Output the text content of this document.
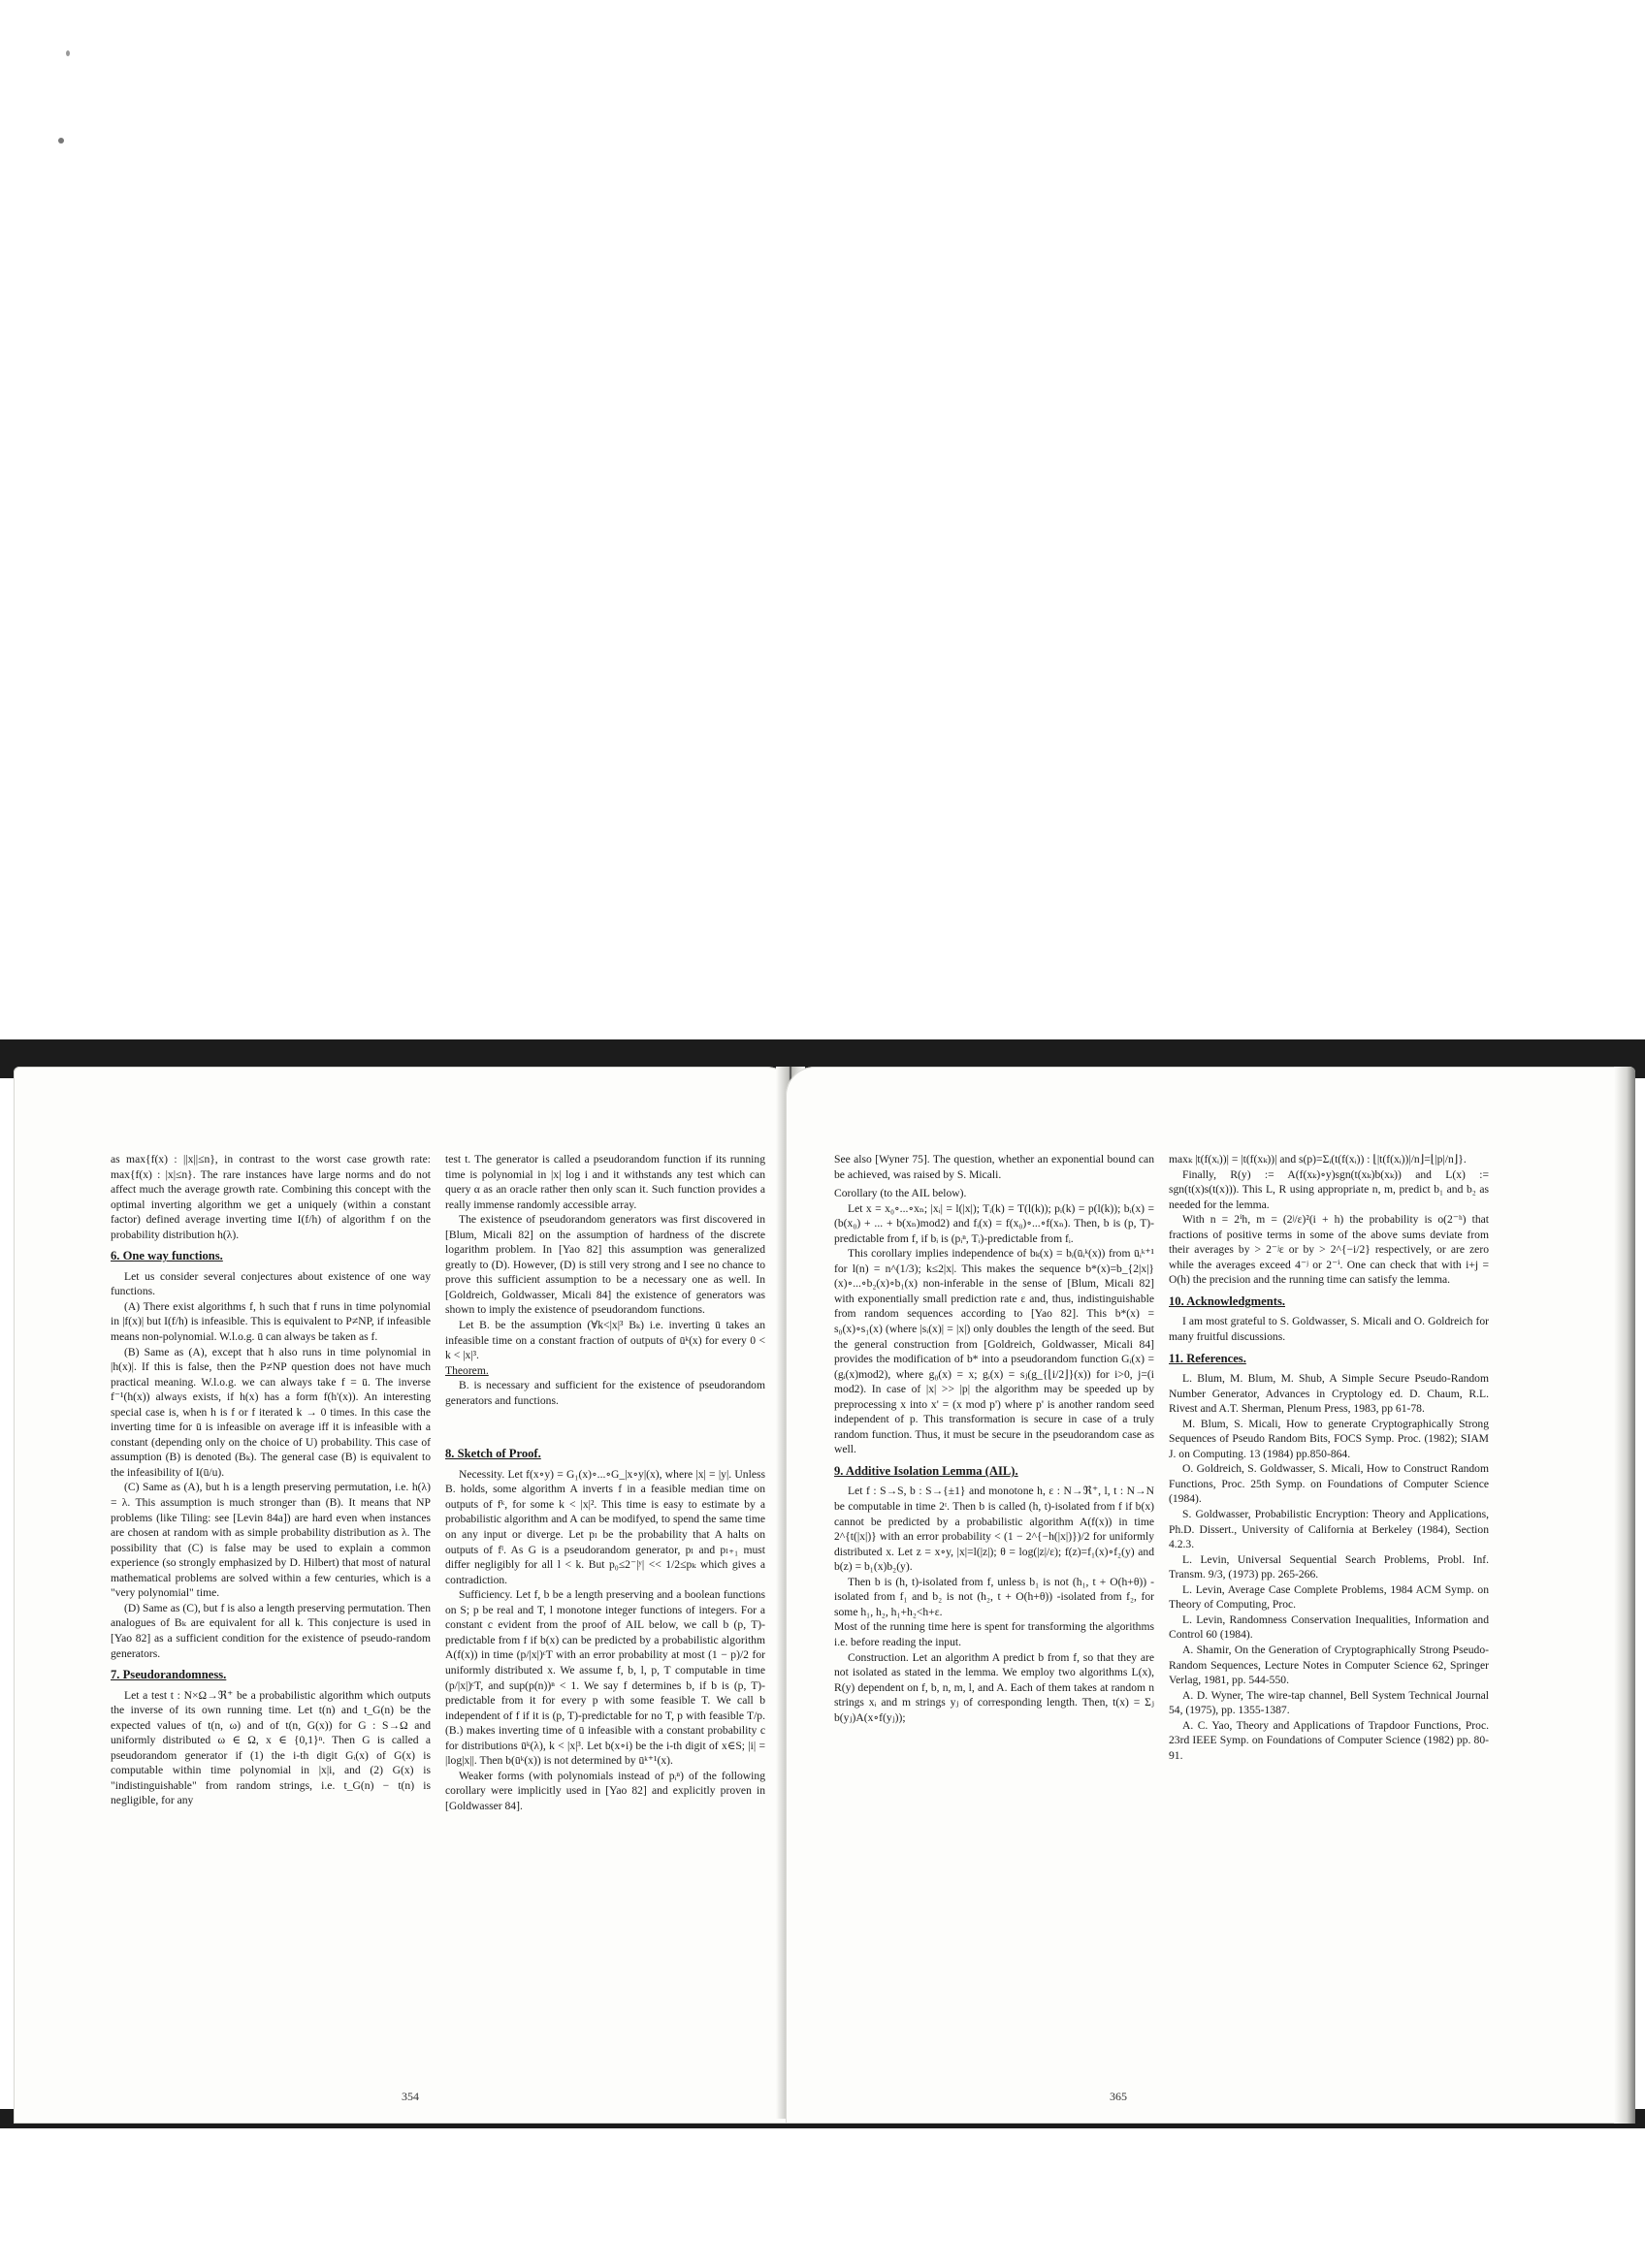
as max{f(x) : ||x||≤n}, in contrast to the worst case growth rate: max{f(x) : |x|≤n}. The rare instances have large norms and do not affect much the average growth rate. Combining this concept with the optimal inverting algorithm we get a uniquely (within a constant factor) defined average inverting time I(f/h) of algorithm f on the probability distribution h(λ).

6. One way functions.

Let us consider several conjectures about existence of one way functions.

(A) There exist algorithms f, h such that f runs in time polynomial in |f(x)| but I(f/h) is infeasible. This is equivalent to P≠NP, if infeasible means non-polynomial. W.l.o.g. ū can always be taken as f.

(B) Same as (A), except that h also runs in time polynomial in |h(x)|. If this is false, then the P≠NP question does not have much practical meaning. W.l.o.g. we can always take f = ū. The inverse f⁻¹(h(x)) always exists, if h(x) has a form f(h'(x)). An interesting special case is, when h is f or f iterated k → 0 times. In this case the inverting time for ū is infeasible on average iff it is infeasible with a constant (depending only on the choice of U) probability. This case of assumption (B) is denoted (Bₖ). The general case (B) is equivalent to the infeasibility of I(ū/u).

(C) Same as (A), but h is a length preserving permutation, i.e. h(λ) = λ. This assumption is much stronger than (B). It means that NP problems (like Tiling: see [Levin 84a]) are hard even when instances are chosen at random with as simple probability distribution as λ. The possibility that (C) is false may be used to explain a common experience (so strongly emphasized by D. Hilbert) that most of natural mathematical problems are solved within a few centuries, which is a "very polynomial" time.

(D) Same as (C), but f is also a length preserving permutation. Then analogues of Bₖ are equivalent for all k. This conjecture is used in [Yao 82] as a sufficient condition for the existence of pseudo-random generators.

7. Pseudorandomness.

Let a test t : N×Ω→ℜ⁺ be a probabilistic algorithm which outputs the inverse of its own running time. Let t(n) and t_G(n) be the expected values of t(n, ω) and of t(n, G(x)) for G : S→Ω and uniformly distributed ω ∈ Ω, x ∈ {0,1}ⁿ. Then G is called a pseudorandom generator if (1) the i-th digit Gᵢ(x) of G(x) is computable within time polynomial in |x|i, and (2) G(x) is "indistinguishable" from random strings, i.e. t_G(n) − t(n) is negligible, for any

test t. The generator is called a pseudorandom function if its running time is polynomial in |x| log i and it withstands any test which can query α as an oracle rather then only scan it. Such function provides a really immense randomly accessible array.

The existence of pseudorandom generators was first discovered in [Blum, Micali 82] on the assumption of hardness of the discrete logarithm problem. In [Yao 82] this assumption was generalized greatly to (D). However, (D) is still very strong and I see no chance to prove this sufficient assumption to be a necessary one as well. In [Goldreich, Goldwasser, Micali 84] the existence of generators was shown to imply the existence of pseudorandom functions.

Let B. be the assumption (∀k<|x|³ Bₖ) i.e. inverting ū takes an infeasible time on a constant fraction of outputs of ūᵏ(x) for every 0 < k < |x|³.

Theorem.

B. is necessary and sufficient for the existence of pseudorandom generators and functions.

8. Sketch of Proof.

Necessity. Let f(x∘y) = G₁(x)∘...∘G_|x∘y|(x), where |x| = |y|. Unless B. holds, some algorithm A inverts f in a feasible median time on outputs of fᵏ, for some k < |x|². This time is easy to estimate by a probabilistic algorithm and A can be modifyed, to spend the same time on any input or diverge. Let pₗ be the probability that A halts on outputs of fˡ. As G is a pseudorandom generator, pₗ and pₗ₊₁ must differ negligibly for all l < k. But p₀≤2⁻|ʸ| << 1/2≤pₖ which gives a contradiction.

Sufficiency. Let f, b be a length preserving and a boolean functions on S; p be real and T, l monotone integer functions of integers. For a constant c evident from the proof of AIL below, we call b (p, T)-predictable from f if b(x) can be predicted by a probabilistic algorithm A(f(x)) in time (p/|x|)ᶜT with an error probability at most (1 − p)/2 for uniformly distributed x. We assume f, b, l, p, T computable in time (p/|x|)ᶜT, and sup(p(n))ⁿ < 1. We say f determines b, if b is (p, T)-predictable from it for every p with some feasible T. We call b independent of f if it is (p, T)-predictable for no T, p with feasible T/p. (B.) makes inverting time of ū infeasible with a constant probability c for distributions ūᵏ(λ), k < |x|³. Let b(x∘i) be the i-th digit of x∈S; |i| = |log|x||. Then b(ūᵏ(x)) is not determined by ūᵏ⁺¹(x).

Weaker forms (with polynomials instead of pᵢⁿ) of the following corollary were implicitly used in [Yao 82] and explicitly proven in [Goldwasser 84].

354

See also [Wyner 75]. The question, whether an exponential bound can be achieved, was raised by S. Micali.

Corollary (to the AIL below).

Let x = x₀∘...∘xₙ; |xᵢ| = l(|x|); Tᵢ(k) = T(l(k)); pᵢ(k) = p(l(k)); bᵢ(x) = (b(x₀) + ... + b(xₙ)mod2) and fᵢ(x) = f(x₀)∘...∘f(xₙ). Then, b is (p, T)-predictable from f, if bᵢ is (pᵢⁿ, Tᵢ)-predictable from fᵢ.

This corollary implies independence of bₖ(x) = bᵢ(ūᵢᵏ(x)) from ūᵢᵏ⁺¹ for l(n) = n^(1/3); k≤2|x|. This makes the sequence b*(x)=b_{2|x|}(x)∘...∘b₂(x)∘b₁(x) non-inferable in the sense of [Blum, Micali 82] with exponentially small prediction rate ε and, thus, indistinguishable from random sequences according to [Yao 82]. This b*(x) = s₀(x)∘s₁(x) (where |sᵢ(x)| = |x|) only doubles the length of the seed. But the general construction from [Goldreich, Goldwasser, Micali 84] provides the modification of b* into a pseudorandom function Gᵢ(x) = (gᵢ(x)mod2), where g₀(x) = x; gᵢ(x) = sⱼ(g_{⌊i/2⌋}(x)) for i>0, j=(i mod2). In case of |x| >> |p| the algorithm may be speeded up by preprocessing x into x' = (x mod p') where p' is another random seed independent of p. This transformation is secure in case of a truly random function. Thus, it must be secure in the pseudorandom case as well.

9. Additive Isolation Lemma (AIL).

Let f : S→S, b : S→{±1} and monotone h, ε : N→ℜ⁺, l, t : N→N be computable in time 2ᵗ. Then b is called (h, t)-isolated from f if b(x) cannot be predicted by a probabilistic algorithm A(f(x)) in time 2^{t(|x|)} with an error probability < (1 − 2^{−h(|x|)})/2 for uniformly distributed x. Let z = x∘y, |x|=l(|z|); θ = log(|z|/ε); f(z)=f₁(x)∘f₂(y) and b(z) = b₁(x)b₂(y).

Then b is (h, t)-isolated from f, unless b₁ is not (h₁, t + O(h+θ)) -isolated from f₁ and b₂ is not (h₂, t + O(h+θ)) -isolated from f₂, for some h₁, h₂, h₁+h₂<h+ε.

Most of the running time here is spent for transforming the algorithms i.e. before reading the input.

Construction. Let an algorithm A predict b from f, so that they are not isolated as stated in the lemma. We employ two algorithms L(x), R(y) dependent on f, b, n, m, l, and A. Each of them takes at random n strings xᵢ and m strings yⱼ of corresponding length. Then, t(x) = Σⱼ b(yⱼ)A(x∘f(yⱼ));

maxₖ |t(f(xᵢ))| = |t(f(xₖ))| and s(p)=Σᵢ(t(f(xᵢ)) : ⌊|t(f(xᵢ))|/n⌋=⌊|p|/n⌋}.

Finally, R(y) := A(f(xₖ)∘y)sgn(t(xₖ)b(xₖ)) and L(x) := sgn(t(x)s(t(x))). This L, R using appropriate n, m, predict b₁ and b₂ as needed for the lemma.

With n = 2ⁱh, m = (2ʲ/ε)²(i + h) the probability is o(2⁻ʰ) that fractions of positive terms in some of the above sums deviate from their averages by > 2⁻ʲε or by > 2^{−i/2} respectively, or are zero while the averages exceed 4⁻ʲ or 2⁻ⁱ. One can check that with i+j = O(h) the precision and the running time can satisfy the lemma.

10. Acknowledgments.

I am most grateful to S. Goldwasser, S. Micali and O. Goldreich for many fruitful discussions.

11. References.

L. Blum, M. Blum, M. Shub, A Simple Secure Pseudo-Random Number Generator, Advances in Cryptology ed. D. Chaum, R.L. Rivest and A.T. Sherman, Plenum Press, 1983, pp 61-78.

M. Blum, S. Micali, How to generate Cryptographically Strong Sequences of Pseudo Random Bits, FOCS Symp. Proc. (1982); SIAM J. on Computing. 13 (1984) pp.850-864.

O. Goldreich, S. Goldwasser, S. Micali, How to Construct Random Functions, Proc. 25th Symp. on Foundations of Computer Science (1984).

S. Goldwasser, Probabilistic Encryption: Theory and Applications, Ph.D. Dissert., University of California at Berkeley (1984), Section 4.2.3.

L. Levin, Universal Sequential Search Problems, Probl. Inf. Transm. 9/3, (1973) pp. 265-266.

L. Levin, Average Case Complete Problems, 1984 ACM Symp. on Theory of Computing, Proc.

L. Levin, Randomness Conservation Inequalities, Information and Control 60 (1984).

A. Shamir, On the Generation of Cryptographically Strong Pseudo-Random Sequences, Lecture Notes in Computer Science 62, Springer Verlag, 1981, pp. 544-550.

A. D. Wyner, The wire-tap channel, Bell System Technical Journal 54, (1975), pp. 1355-1387.

A. C. Yao, Theory and Applications of Trapdoor Functions, Proc. 23rd IEEE Symp. on Foundations of Computer Science (1982) pp. 80-91.

365
